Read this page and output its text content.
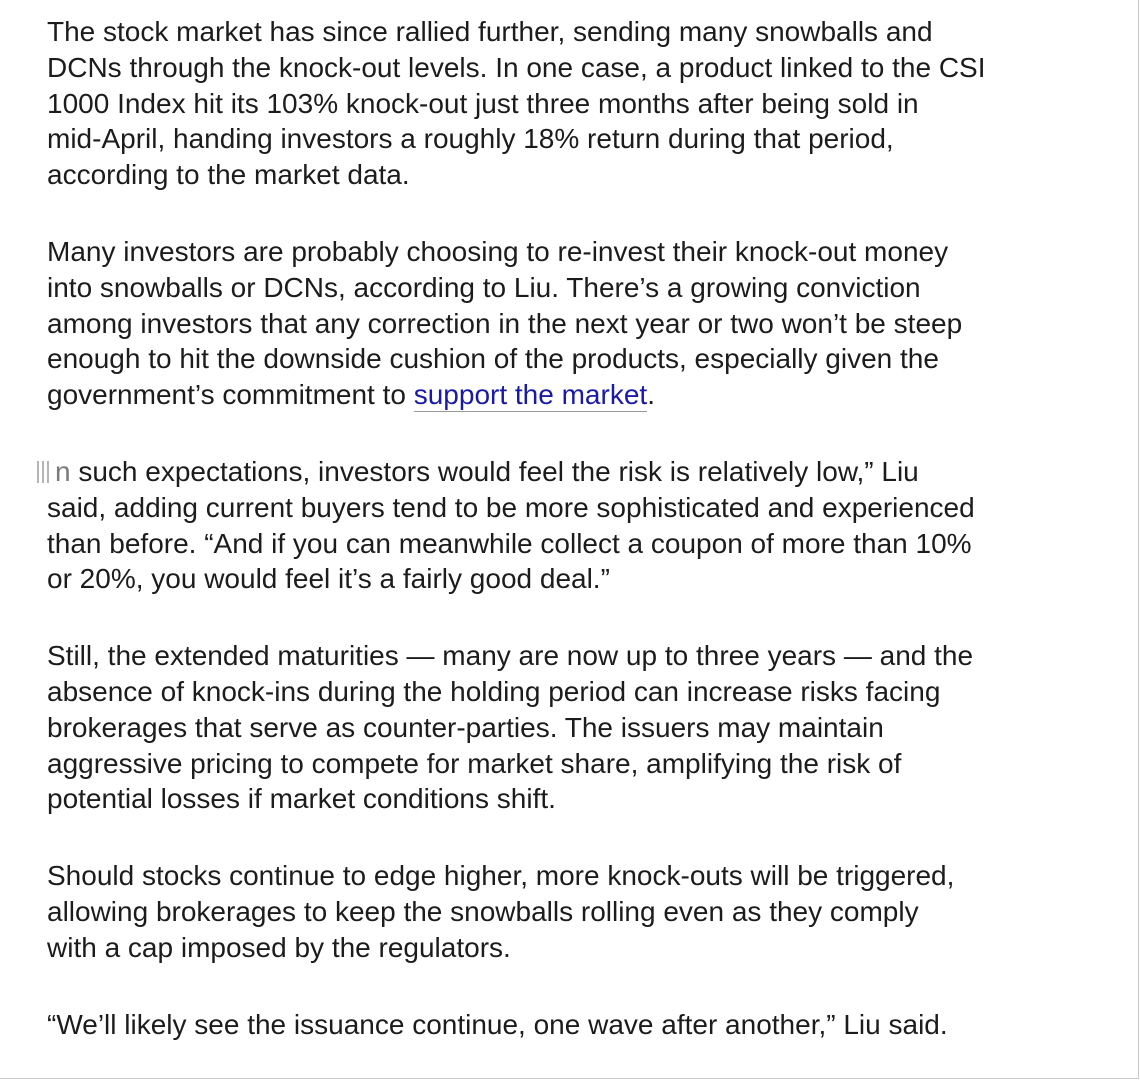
The stock market has since rallied further, sending many snowballs and
DCNs through the knock-out levels. In one case, a product linked to the CSI
1000 Index hit its 103% knock-out just three months after being sold in
mid-April, handing investors a roughly 18% return during that period,
according to the market data.

Many investors are probably choosing to re-invest their knock-out money
into snowballs or DCNs, according to Liu. There’s a growing conviction
among investors that any correction in the next year or two won’t be steep
enough to hit the downside cushion of the products, especially given the
government’s commitment to support the market.

n such expectations, investors would feel the risk is relatively low,” Liu
said, adding current buyers tend to be more sophisticated and experienced
than before. “And if you can meanwhile collect a coupon of more than 10%
or 20%, you would feel it’s a fairly good deal.”

Still, the extended maturities — many are now up to three years — and the
absence of knock-ins during the holding period can increase risks facing
brokerages that serve as counter-parties. The issuers may maintain
aggressive pricing to compete for market share, amplifying the risk of
potential losses if market conditions shift.

Should stocks continue to edge higher, more knock-outs will be triggered,
allowing brokerages to keep the snowballs rolling even as they comply
with a cap imposed by the regulators.

“We’ll likely see the issuance continue, one wave after another,” Liu said.
